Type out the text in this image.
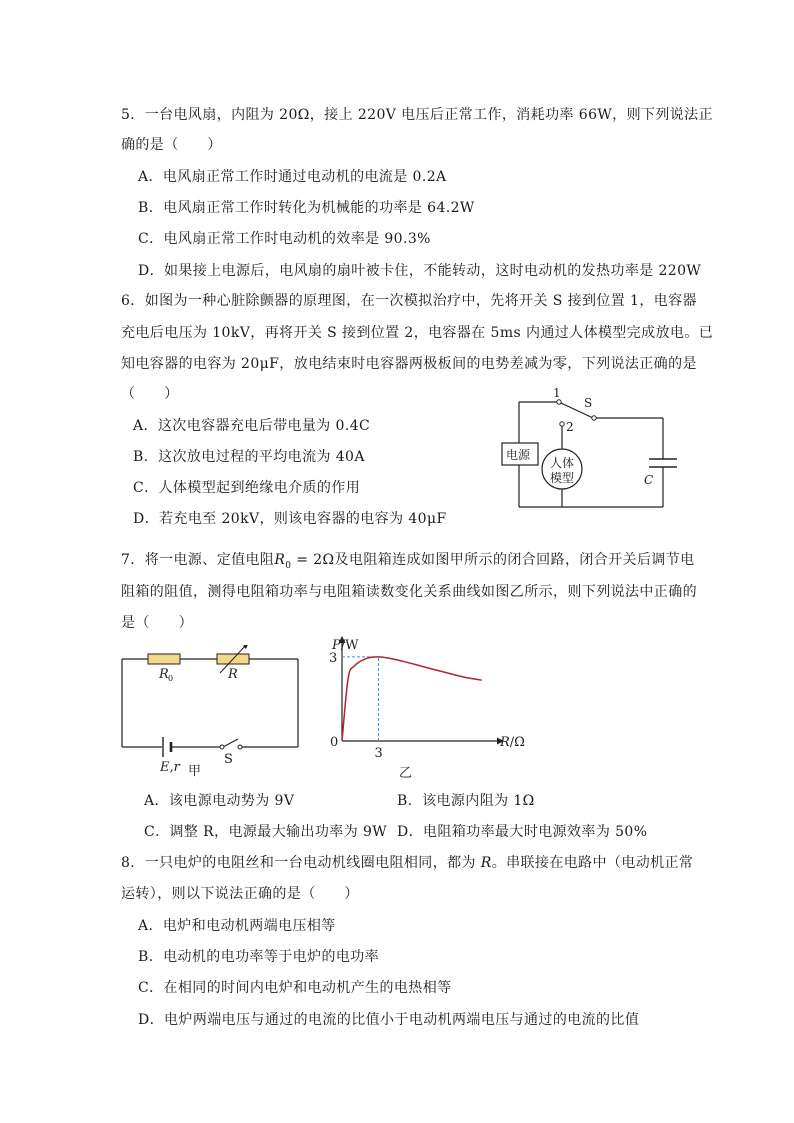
5．一台电风扇，内阻为 20Ω，接上 220V 电压后正常工作，消耗功率 66W，则下列说法正
确的是（　　）
A．电风扇正常工作时通过电动机的电流是 0.2A
B．电风扇正常工作时转化为机械能的功率是 64.2W
C．电风扇正常工作时电动机的效率是 90.3%
D．如果接上电源后，电风扇的扇叶被卡住，不能转动，这时电动机的发热功率是 220W
6．如图为一种心脏除颤器的原理图，在一次模拟治疗中，先将开关 S 接到位置 1，电容器
充电后电压为 10kV，再将开关 S 接到位置 2，电容器在 5ms 内通过人体模型完成放电。已
知电容器的电容为 20μF，放电结束时电容器两极板间的电势差减为零，下列说法正确的是
（　　）
A．这次电容器充电后带电量为 0.4C
B．这次放电过程的平均电流为 40A
C．人体模型起到绝缘电介质的作用
D．若充电至 20kV，则该电容器的电容为 40μF
电源
人体
模型
1
2
S
C
7．将一电源、定值电阻$R_0 = 2\Omega$及电阻箱连成如图甲所示的闭合回路，闭合开关后调节电
阻箱的阻值，测得电阻箱功率与电阻箱读数变化关系曲线如图乙所示，则下列说法中正确的
是（　　）
R 0	R
E,r
S
甲
P/W
R/Ω
3
3
0
乙
A．该电源电动势为 9V	B．该电源内阻为 1Ω
C．调整 R，电源最大输出功率为 9W D．电阻箱功率最大时电源效率为 50%
8．一只电炉的电阻丝和一台电动机线圈电阻相同，都为 R。串联接在电路中（电动机正常
运转），则以下说法正确的是（　　）
A．电炉和电动机两端电压相等
B．电动机的电功率等于电炉的电功率
C．在相同的时间内电炉和电动机产生的电热相等
D．电炉两端电压与通过的电流的比值小于电动机两端电压与通过的电流的比值
